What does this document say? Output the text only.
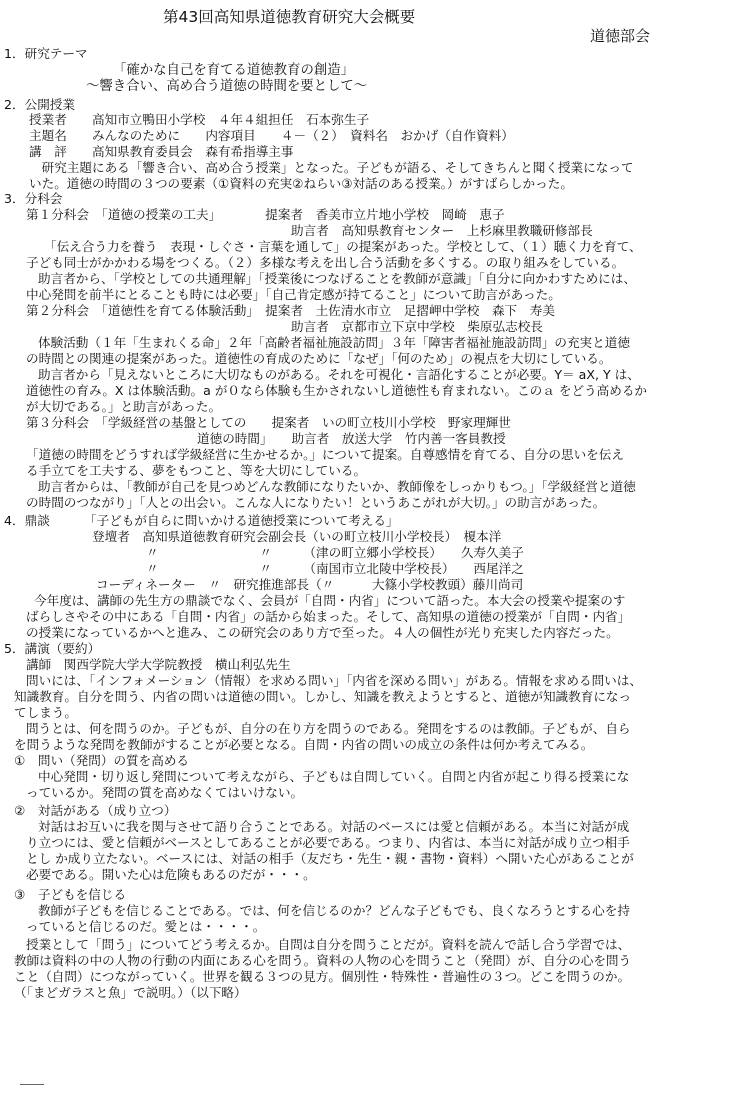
第43回高知県道徳教育研究大会概要
道徳部会
1．研究テーマ
「確かな自己を育てる道徳教育の創造」
～響き合い、高め合う道徳の時間を要として～
2．公開授業
授業者　　高知市立鴨田小学校　４年４組担任　石本弥生子
主題名　　みんなのために　　内容項目　　４－（２）　資料名　おかげ（自作資料）
講　評　　高知県教育委員会　森有希指導主事
　研究主題にある「響き合い、高め合う授業」となった。子どもが語る、そしてきちんと聞く授業になって
いた。道徳の時間の３つの要素（①資料の充実②ねらい③対話のある授業。）がすばらしかった。
3．分科会
第１分科会　「道徳の授業の工夫」　　　　提案者　香美市立片地小学校　岡崎　恵子
助言者　高知県教育センター　上杉麻里教職研修部長
「伝え合う力を養う　表現・しぐさ・言葉を通して」の提案があった。学校として、（１）聴く力を育て、
子ども同士がかかわる場をつくる。（２）多様な考えを出し合う活動を多くする。の取り組みをしている。
助言者から、「学校としての共通理解」「授業後につなげることを教師が意識」「自分に向かわすためには、
中心発問を前半にとることも時には必要」「自己肯定感が持てること」について助言があった。
第２分科会　「道徳性を育てる体験活動」　提案者　土佐清水市立　足摺岬中学校　森下　寿美
助言者　京都市立下京中学校　柴原弘志校長
体験活動（１年「生まれくる命」２年「高齢者福祉施設訪問」３年「障害者福祉施設訪問」の充実と道徳
の時間との関連の提案があった。道徳性の育成のために「なぜ」「何のため」の視点を大切にしている。
助言者から「見えないところに大切なものがある。それを可視化・言語化することが必要。Y＝ aX, Y は、
道徳性の育み。X は体験活動。a が０なら体験も生かされないし道徳性も育まれない。このａ をどう高めるか
が大切である。」と助言があった。
第３分科会　「学級経営の基盤としての　　提案者　いの町立枝川小学校　野家理輝世
道徳の時間」　　助言者　放送大学　竹内善一客員教授
「道徳の時間をどうすれば学級経営に生かせるか。」について提案。自尊感情を育てる、自分の思いを伝え
る手立てを工夫する、夢をもつこと、等を大切にしている。
助言者からは、「教師が自己を見つめどんな教師になりたいか、教師像をしっかりもつ。」「学級経営と道徳
の時間のつながり」「人との出会い。こんな人になりたい！というあこがれが大切。」の助言があった。
4．鼎談	「子どもが自らに問いかける道徳授業について考える」
登壇者　高知県道徳教育研究会副会長（いの町立枝川小学校長）　榎本洋
〃　　　　　　　　〃　　　（津の町立郷小学校長）　　久寿久美子
〃　　　　　　　　〃　　　（南国市立北陵中学校長）　　西尾洋之
コーディネーター　〃　研究推進部長（〃　　　大篠小学校教頭）藤川尚司
今年度は、講師の先生方の鼎談でなく、会員が「自問・内省」について語った。本大会の授業や提案のす
ばらしさやその中にある「自問・内省」の話から始まった。そして、高知県の道徳の授業が「自問・内省」
の授業になっているかへと進み、この研究会のあり方で至った。４人の個性が光り充実した内容だった。
5．講演（要約）
講師　関西学院大学大学院教授　横山利弘先生
問いには、「インフォメーション（情報）を求める問い」「内省を深める問い」がある。情報を求める問いは、
知識教育。自分を問う、内省の問いは道徳の問い。しかし、知識を教えようとすると、道徳が知識教育になっ
てしまう。
問うとは、何を問うのか。子どもが、自分の在り方を問うのである。発問をするのは教師。子どもが、自ら
を問うような発問を教師がすることが必要となる。自問・内省の問いの成立の条件は何か考えてみる。
①　問い（発問）の質を高める
中心発問・切り返し発問について考えながら、子どもは自問していく。自問と内省が起こり得る授業にな
っているか。発問の質を高めなくてはいけない。
②　対話がある（成り立つ）
対話はお互いに我を関与させて語り合うことである。対話のベースには愛と信頼がある。本当に対話が成
り立つには、愛と信頼がベースとしてあることが必要である。つまり、内省は、本当に対話が成り立つ相手
とし か成り立たない。ベースには、対話の相手（友だち・先生・親・書物・資料）へ開いた心があることが
必要である。開いた心は危険もあるのだが・・・。
③　子どもを信じる
教師が子どもを信じることである。では、何を信じるのか？どんな子どもでも、良くなろうとする心を持
っていると信じるのだ。愛とは・・・・。
授業として「問う」についてどう考えるか。自問は自分を問うことだが。資料を読んで話し合う学習では、
教師は資料の中の人物の行動の内面にある心を問う。資料の人物の心を問うこと（発問）が、自分の心を問う
こと（自問）につながっていく。世界を観る３つの見方。個別性・特殊性・普遍性の３つ。どこを問うのか。
（「まどガラスと魚」で説明。）（以下略）
